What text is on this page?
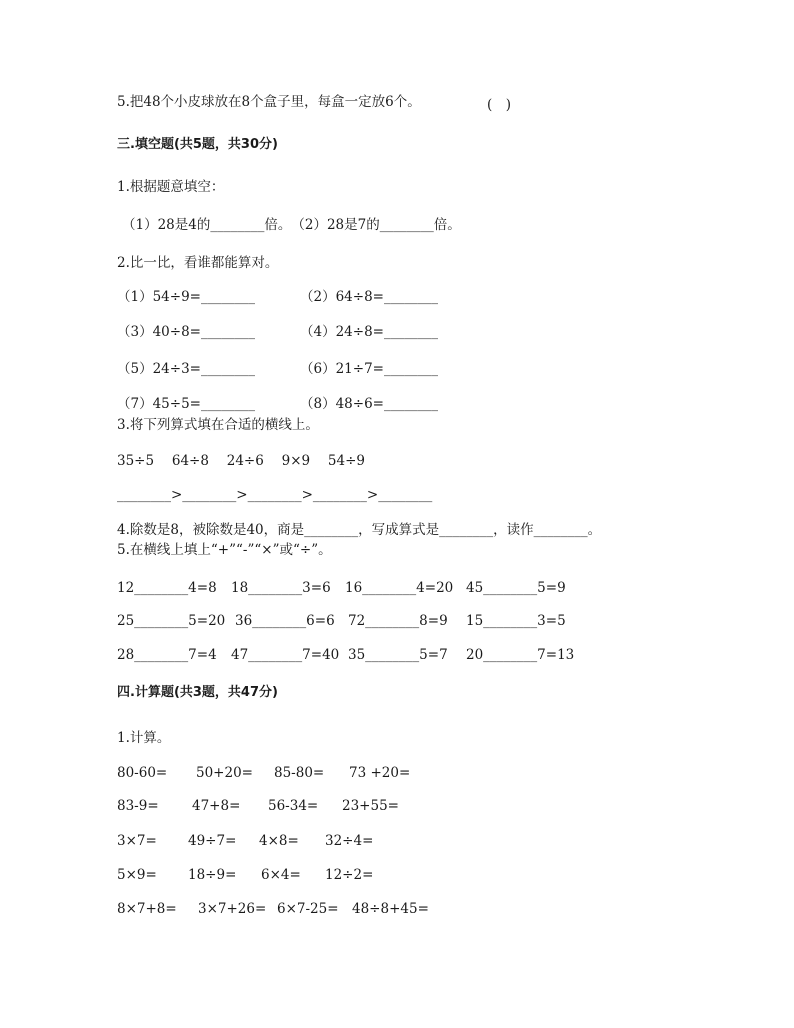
5.把48个小皮球放在8个盒子里，每盒一定放6个。	(　)
三.填空题(共5题，共30分)
1.根据题意填空：
（1）28是4的________倍。　（2）28是7的________倍。
2.比一比，看谁都能算对。
（1）54÷9=________	（2）64÷8=________
（3）40÷8=________	（4）24÷8=________
（5）24÷3=________	（6）21÷7=________
（7）45÷5=________	（8）48÷6=________
3.将下列算式填在合适的横线上。
35÷5　 64÷8　 24÷6　 9×9　 54÷9
________>________>________>________>________
4.除数是8，被除数是40，商是________，写成算式是________，读作________。
5.在横线上填上“+”“-”“×”或“÷”。
12________4=8 18________3=6 16________4=20 45________5=9
25________5=20 36________6=6 72________8=9 15________3=5
28________7=4 47________7=40 35________5=7 20________7=13
四.计算题(共3题，共47分)
1.计算。
80-60= 50+20= 85-80= 73 +20=
83-9= 47+8= 56-34= 23+55=
3×7= 49÷7= 4×8= 32÷4=
5×9= 18÷9= 6×4= 12÷2=
8×7+8= 3×7+26= 6×7-25= 48÷8+45=
